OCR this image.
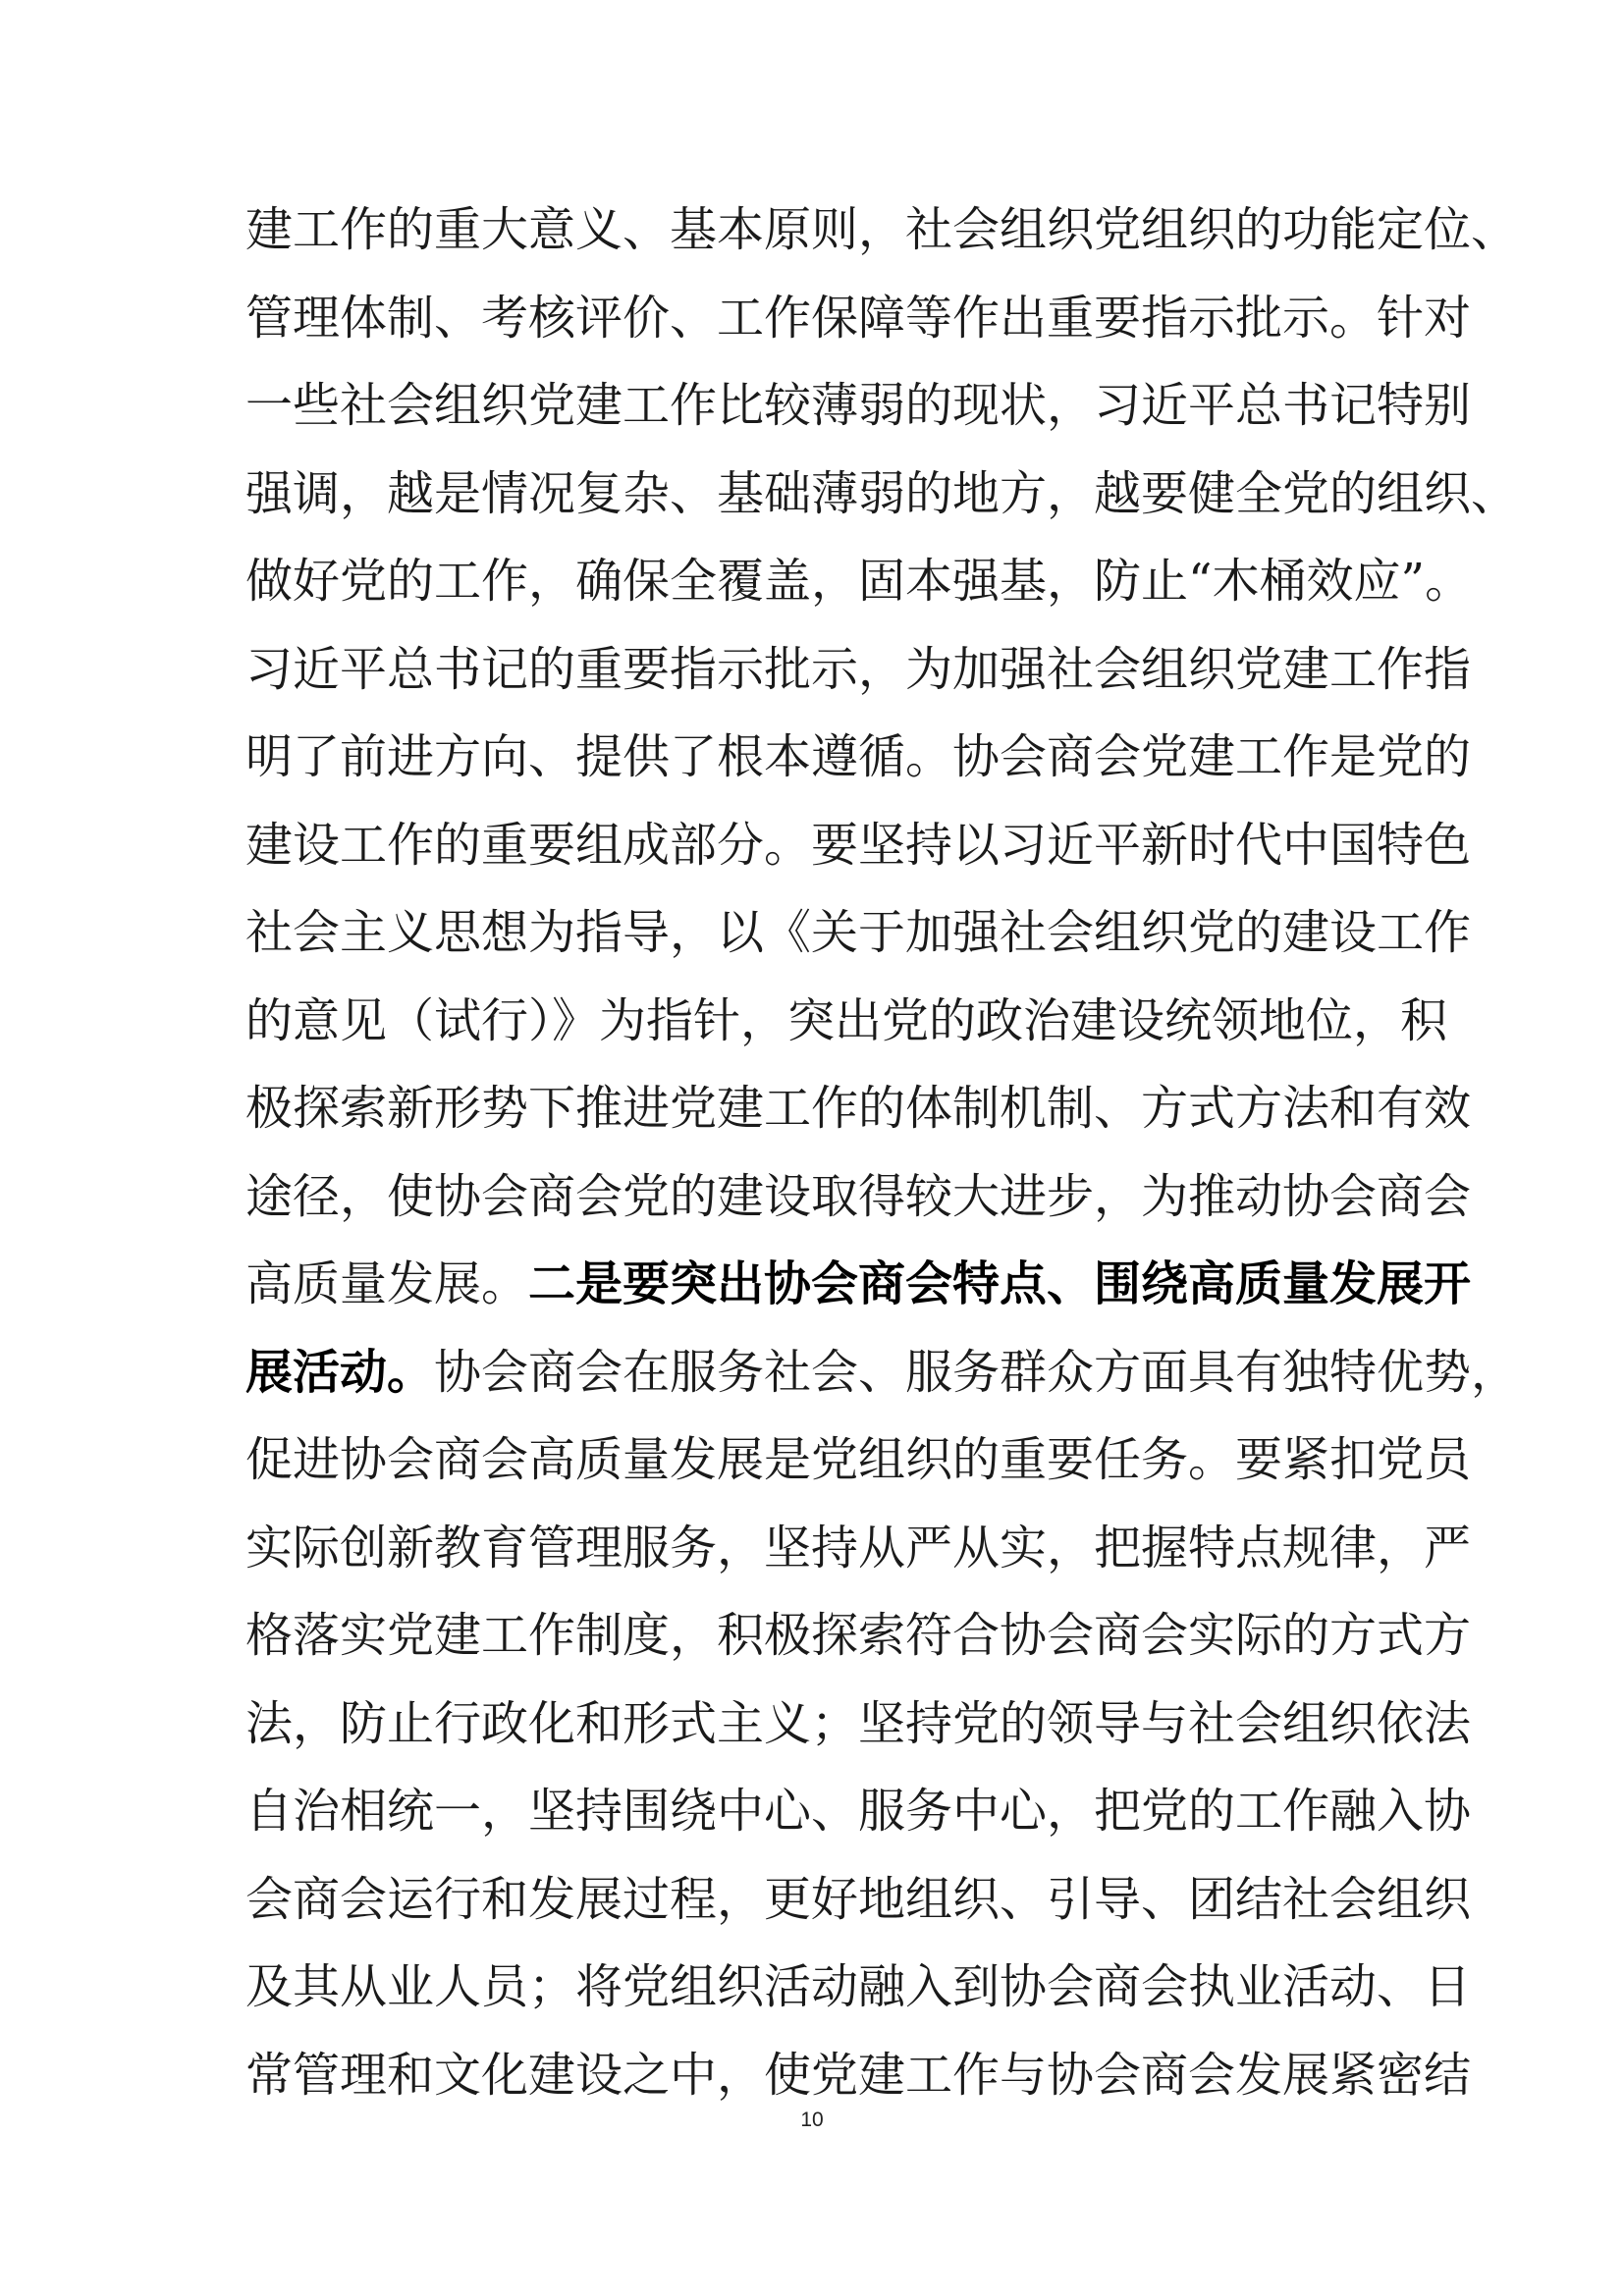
建工作的重大意义、基本原则，社会组织党组织的功能定位、
管理体制、考核评价、工作保障等作出重要指示批示。针对
一些社会组织党建工作比较薄弱的现状，习近平总书记特别
强调，越是情况复杂、基础薄弱的地方，越要健全党的组织、
做好党的工作，确保全覆盖，固本强基，防止“木桶效应”。
习近平总书记的重要指示批示，为加强社会组织党建工作指
明了前进方向、提供了根本遵循。协会商会党建工作是党的
建设工作的重要组成部分。要坚持以习近平新时代中国特色
社会主义思想为指导，以《关于加强社会组织党的建设工作
的意见（试行）》为指针，突出党的政治建设统领地位，积
极探索新形势下推进党建工作的体制机制、方式方法和有效
途径，使协会商会党的建设取得较大进步，为推动协会商会
高质量发展。二是要突出协会商会特点、围绕高质量发展开
展活动。协会商会在服务社会、服务群众方面具有独特优势，
促进协会商会高质量发展是党组织的重要任务。要紧扣党员
实际创新教育管理服务，坚持从严从实，把握特点规律，严
格落实党建工作制度，积极探索符合协会商会实际的方式方
法，防止行政化和形式主义；坚持党的领导与社会组织依法
自治相统一，坚持围绕中心、服务中心，把党的工作融入协
会商会运行和发展过程，更好地组织、引导、团结社会组织
及其从业人员；将党组织活动融入到协会商会执业活动、日
常管理和文化建设之中，使党建工作与协会商会发展紧密结
10
